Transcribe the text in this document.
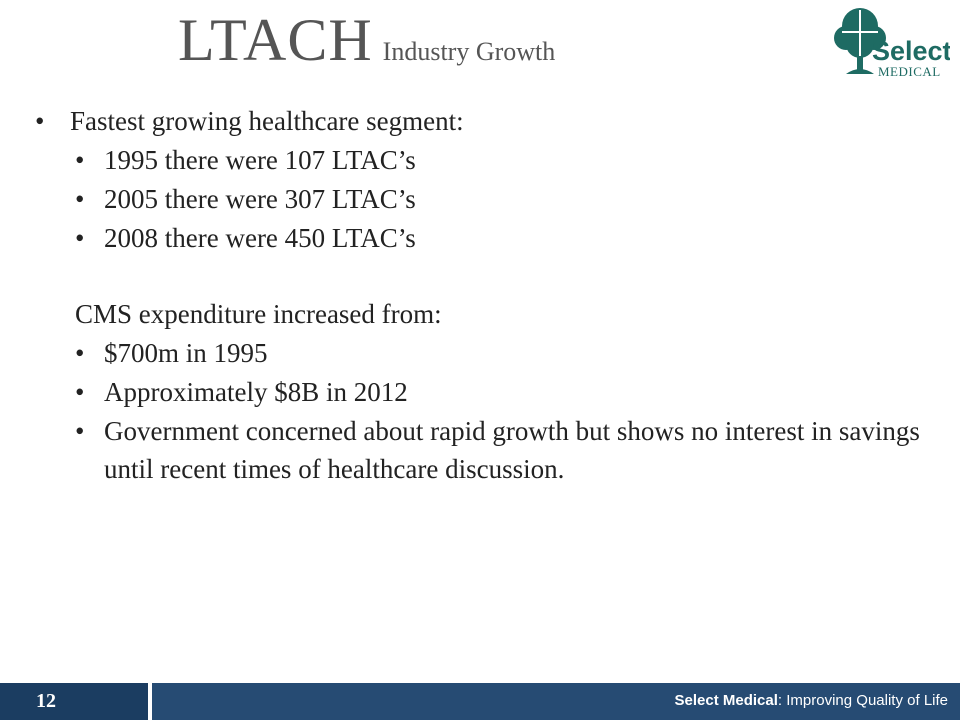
LTACH Industry Growth	Select
MEDICAL
• Fastest growing healthcare segment:
• 1995 there were 107 LTAC’s
• 2005 there were 307 LTAC’s
• 2008 there were 450 LTAC’s
CMS expenditure increased from:
• $700m in 1995
• Approximately $8B in 2012
• Government concerned about rapid growth but shows no interest in savings until recent times of healthcare discussion.
12	Select Medical: Improving Quality of Life
